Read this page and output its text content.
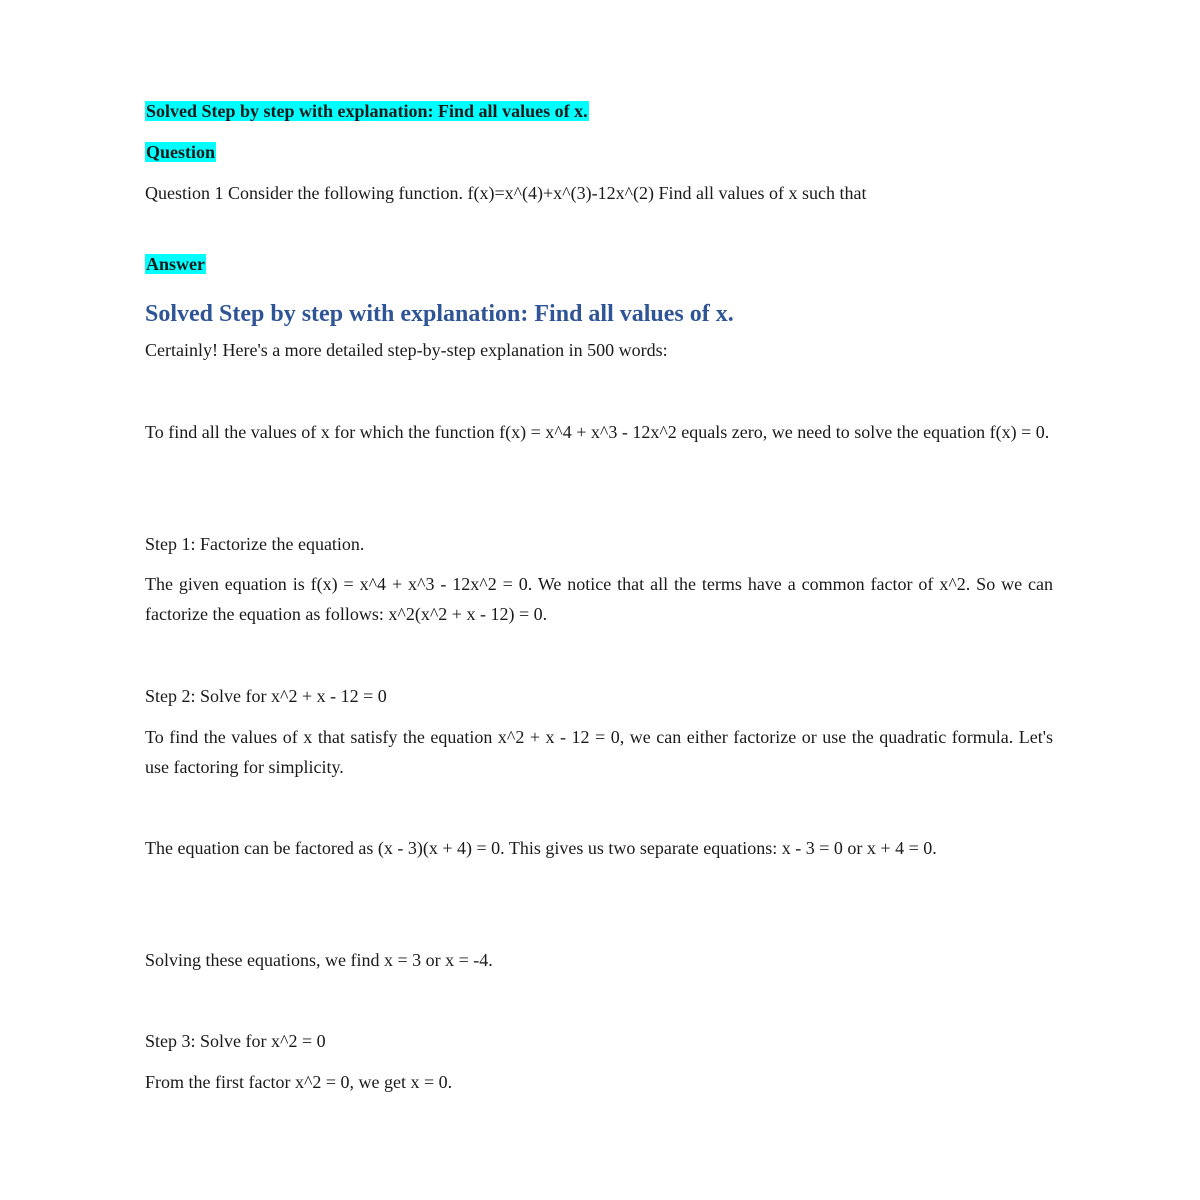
Solved Step by step with explanation: Find all values of x.
Question

Question 1 Consider the following function. f(x)=x^(4)+x^(3)-12x^(2) Find all values of x such that

Answer
Solved Step by step with explanation: Find all values of x.

Certainly! Here's a more detailed step-by-step explanation in 500 words:

To find all the values of x for which the function f(x) = x^4 + x^3 - 12x^2 equals zero, we need to solve the equation f(x) = 0.

Step 1: Factorize the equation.

The given equation is f(x) = x^4 + x^3 - 12x^2 = 0. We notice that all the terms have a common factor of x^2. So we can factorize the equation as follows: x^2(x^2 + x - 12) = 0.

Step 2: Solve for x^2 + x - 12 = 0

To find the values of x that satisfy the equation x^2 + x - 12 = 0, we can either factorize or use the quadratic formula. Let's use factoring for simplicity.

The equation can be factored as (x - 3)(x + 4) = 0. This gives us two separate equations: x - 3 = 0 or x + 4 = 0.

Solving these equations, we find x = 3 or x = -4.

Step 3: Solve for x^2 = 0

From the first factor x^2 = 0, we get x = 0.
